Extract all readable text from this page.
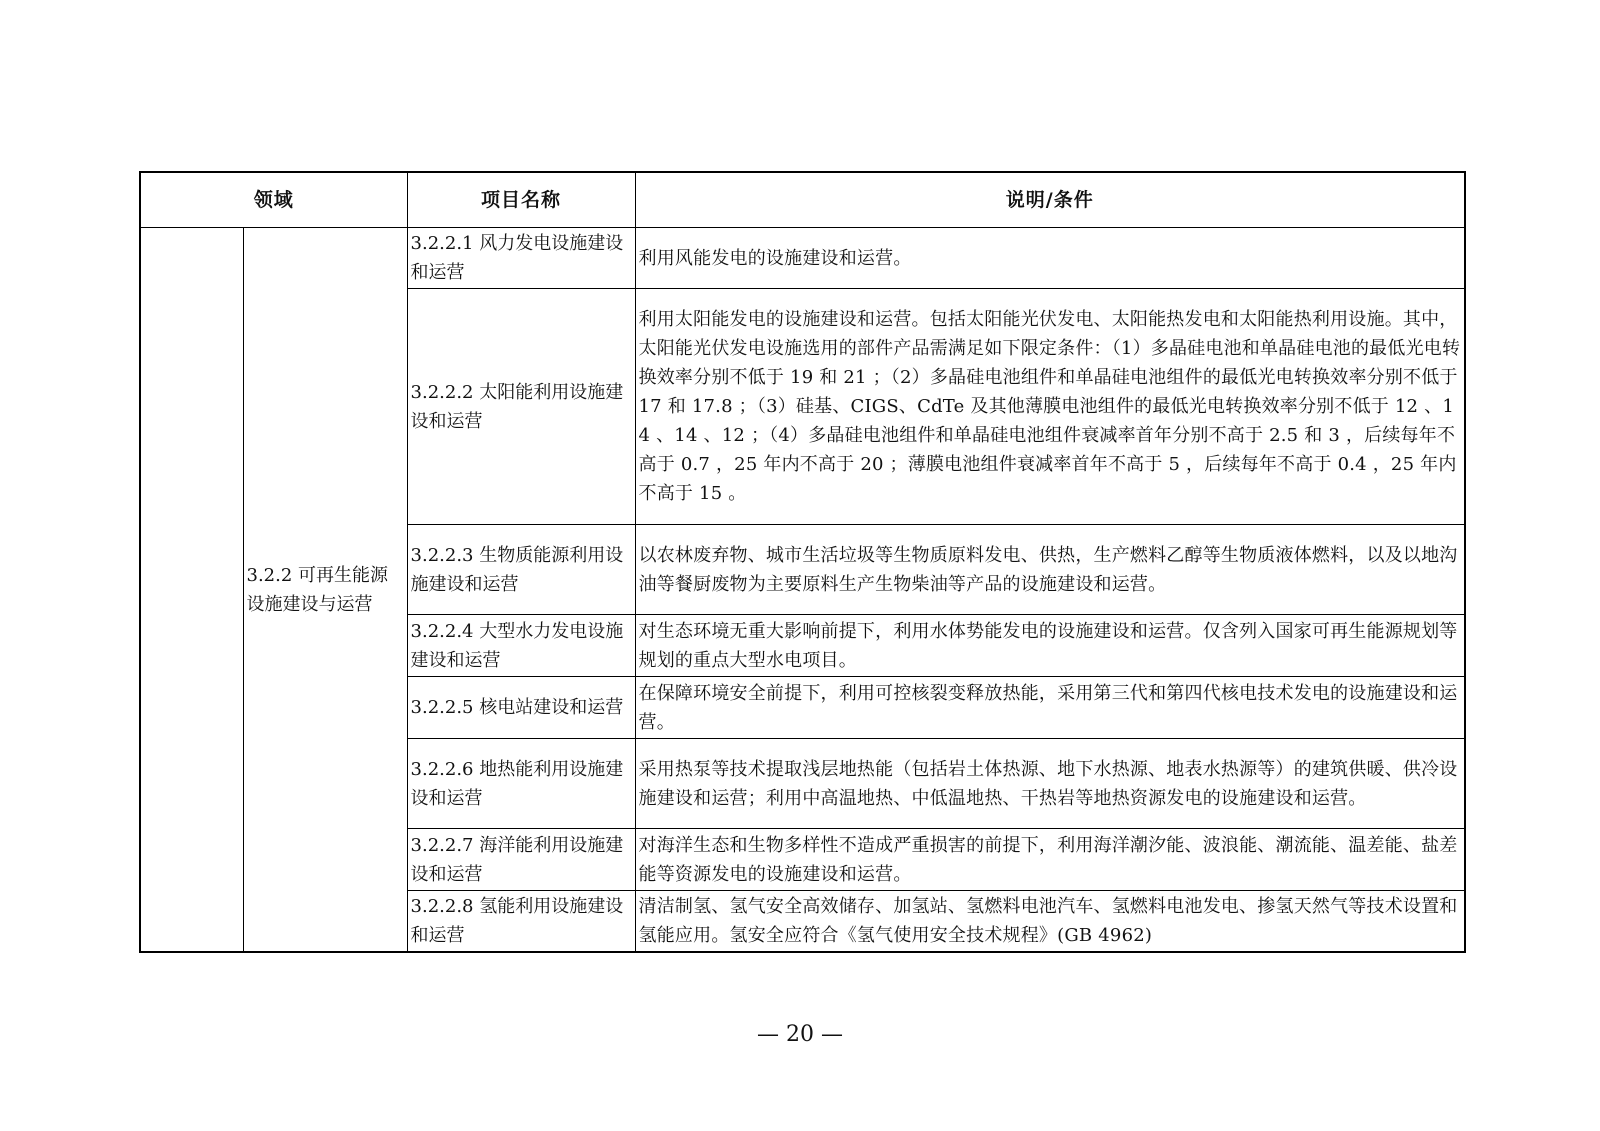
领域		项目名称	说明/条件
	3.2.2 可再生能源设施建设与运营	3.2.2.1 风力发电设施建设和运营	利用风能发电的设施建设和运营。
		3.2.2.2 太阳能利用设施建设和运营	利用太阳能发电的设施建设和运营。包括太阳能光伏发电、太阳能热发电和太阳能热利用设施。其中，太阳能光伏发电设施选用的部件产品需满足如下限定条件：（1）多晶硅电池和单晶硅电池的最低光电转换效率分别不低于 19 和 21 ；（2）多晶硅电池组件和单晶硅电池组件的最低光电转换效率分别不低于 17 和 17.8 ；（3）硅基、CIGS、CdTe 及其他薄膜电池组件的最低光电转换效率分别不低于 12 、14 、14 、12 ；（4）多晶硅电池组件和单晶硅电池组件衰减率首年分别不高于 2.5 和 3 ，后续每年不高于 0.7 ，25 年内不高于 20 ；薄膜电池组件衰减率首年不高于 5 ，后续每年不高于 0.4 ，25 年内不高于 15 。
		3.2.2.3 生物质能源利用设施建设和运营	以农林废弃物、城市生活垃圾等生物质原料发电、供热，生产燃料乙醇等生物质液体燃料，以及以地沟油等餐厨废物为主要原料生产生物柴油等产品的设施建设和运营。
		3.2.2.4 大型水力发电设施建设和运营	对生态环境无重大影响前提下，利用水体势能发电的设施建设和运营。仅含列入国家可再生能源规划等规划的重点大型水电项目。
		3.2.2.5 核电站建设和运营	在保障环境安全前提下，利用可控核裂变释放热能，采用第三代和第四代核电技术发电的设施建设和运营。
		3.2.2.6 地热能利用设施建设和运营	采用热泵等技术提取浅层地热能（包括岩土体热源、地下水热源、地表水热源等）的建筑供暖、供冷设施建设和运营；利用中高温地热、中低温地热、干热岩等地热资源发电的设施建设和运营。
		3.2.2.7 海洋能利用设施建设和运营	对海洋生态和生物多样性不造成严重损害的前提下，利用海洋潮汐能、波浪能、潮流能、温差能、盐差能等资源发电的设施建设和运营。
		3.2.2.8 氢能利用设施建设和运营	清洁制氢、氢气安全高效储存、加氢站、氢燃料电池汽车、氢燃料电池发电、掺氢天然气等技术设置和氢能应用。氢安全应符合《氢气使用安全技术规程》(GB 4962)
— 20 —
